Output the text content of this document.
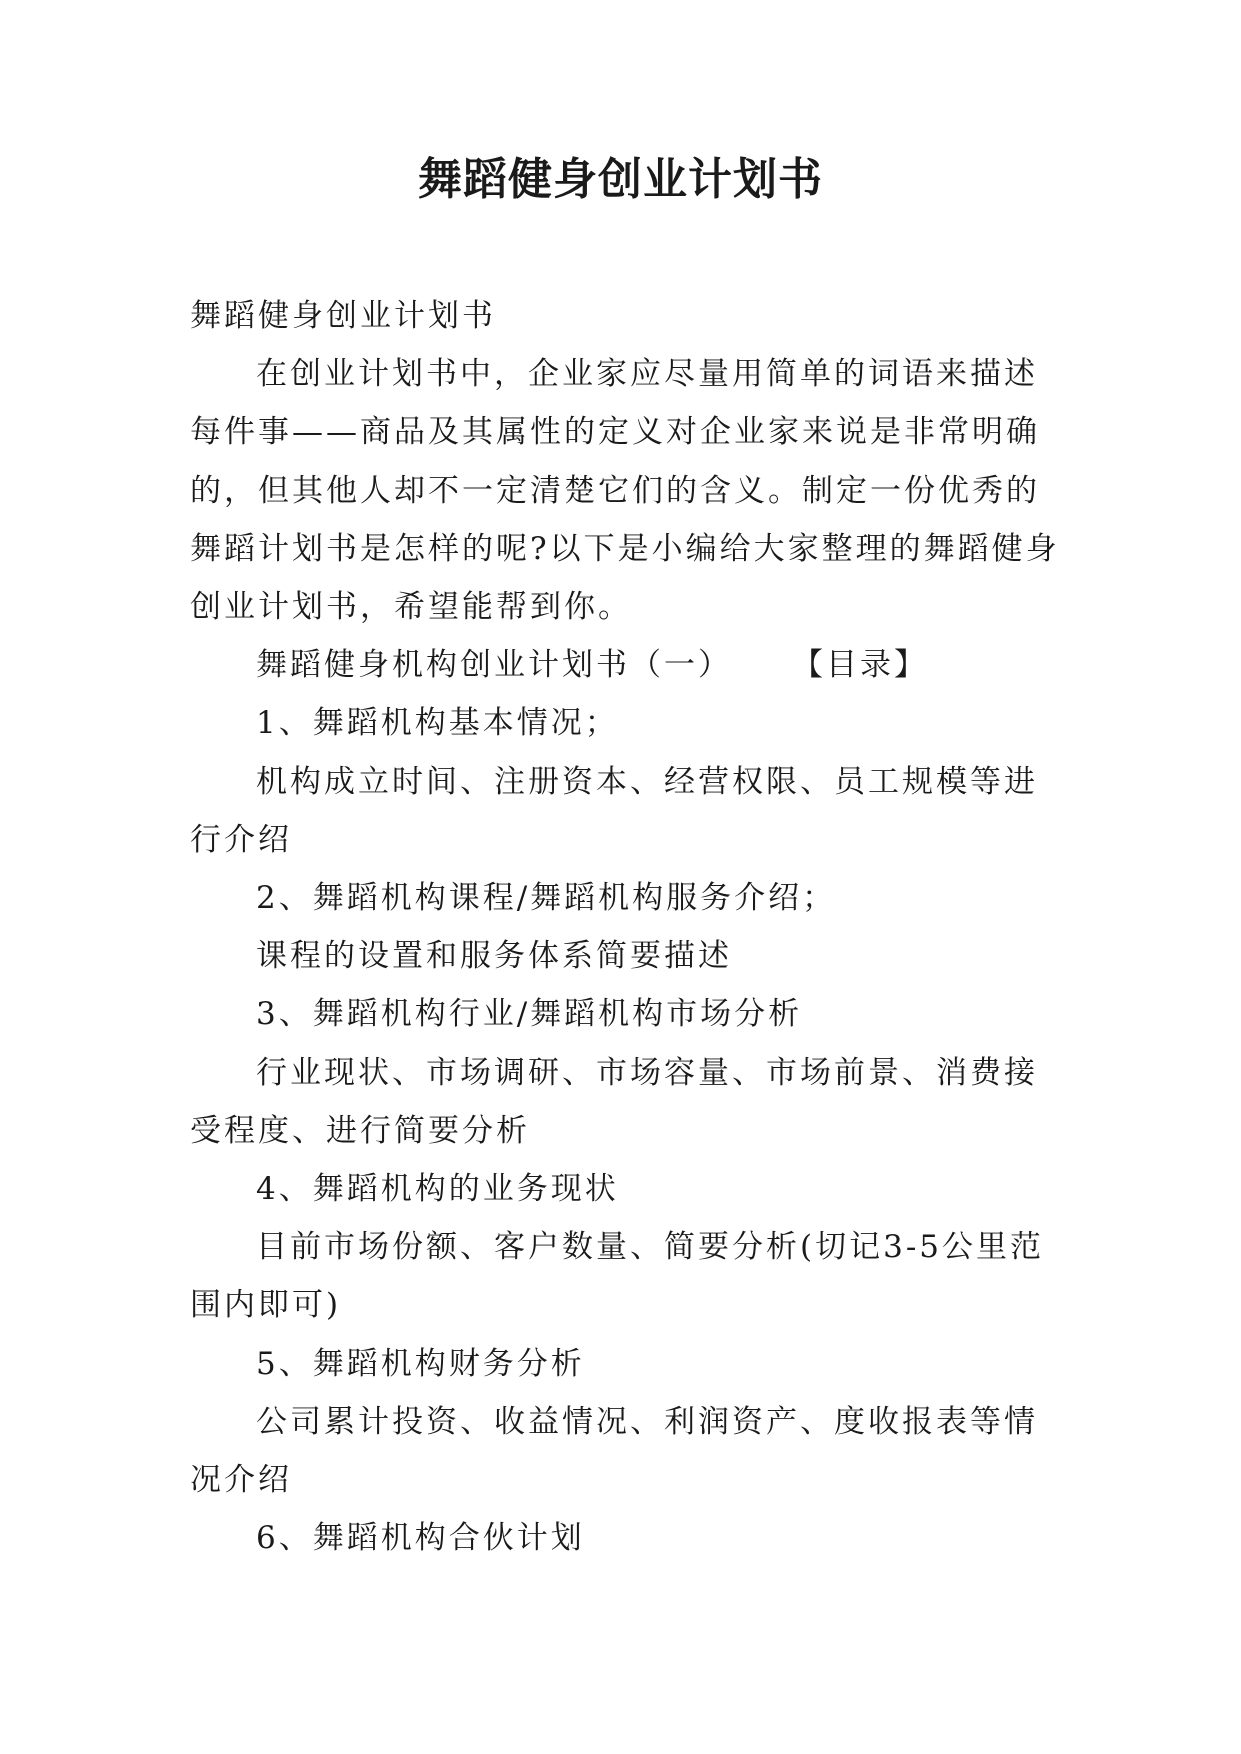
舞蹈健身创业计划书

舞蹈健身创业计划书

在创业计划书中，企业家应尽量用简单的词语来描述每件事——商品及其属性的定义对企业家来说是非常明确的，但其他人却不一定清楚它们的含义。制定一份优秀的舞蹈计划书是怎样的呢?以下是小编给大家整理的舞蹈健身创业计划书，希望能帮到你。

舞蹈健身机构创业计划书（一） 【目录】

1、舞蹈机构基本情况；

机构成立时间、注册资本、经营权限、员工规模等进行介绍

2、舞蹈机构课程/舞蹈机构服务介绍；

课程的设置和服务体系简要描述

3、舞蹈机构行业/舞蹈机构市场分析

行业现状、市场调研、市场容量、市场前景、消费接受程度、进行简要分析

4、舞蹈机构的业务现状

目前市场份额、客户数量、简要分析(切记3-5公里范围内即可)

5、舞蹈机构财务分析

公司累计投资、收益情况、利润资产、度收报表等情况介绍

6、舞蹈机构合伙计划
